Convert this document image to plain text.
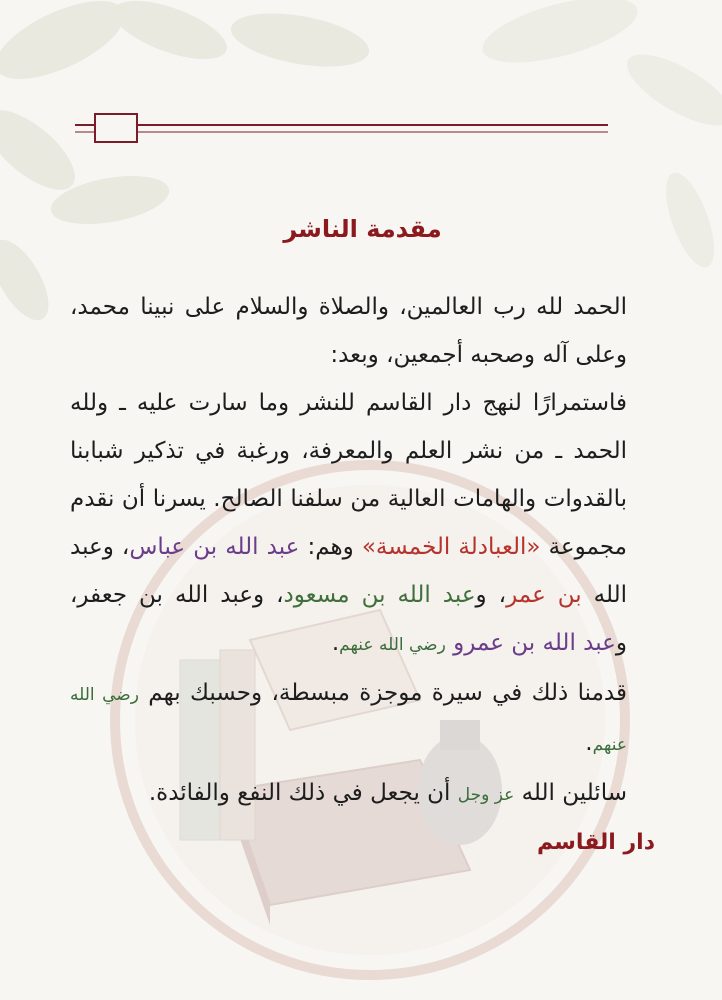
مقدمة الناشر

الحمد لله رب العالمين، والصلاة والسلام على نبينا محمد، وعلى آله وصحبه أجمعين، وبعد:

فاستمرارًا لنهج دار القاسم للنشر وما سارت عليه ـ ولله الحمد ـ من نشر العلم والمعرفة، ورغبة في تذكير شبابنا بالقدوات والهامات العالية من سلفنا الصالح. يسرنا أن نقدم مجموعة «العبادلة الخمسة» وهم: عبد الله بن عباس، وعبد الله بن عمر، وعبد الله بن مسعود، وعبد الله بن جعفر، وعبد الله بن عمرو رضي الله عنهم.

قدمنا ذلك في سيرة موجزة مبسطة، وحسبك بهم رضي الله عنهم.

سائلين الله عز وجل أن يجعل في ذلك النفع والفائدة.

دار القاسم
